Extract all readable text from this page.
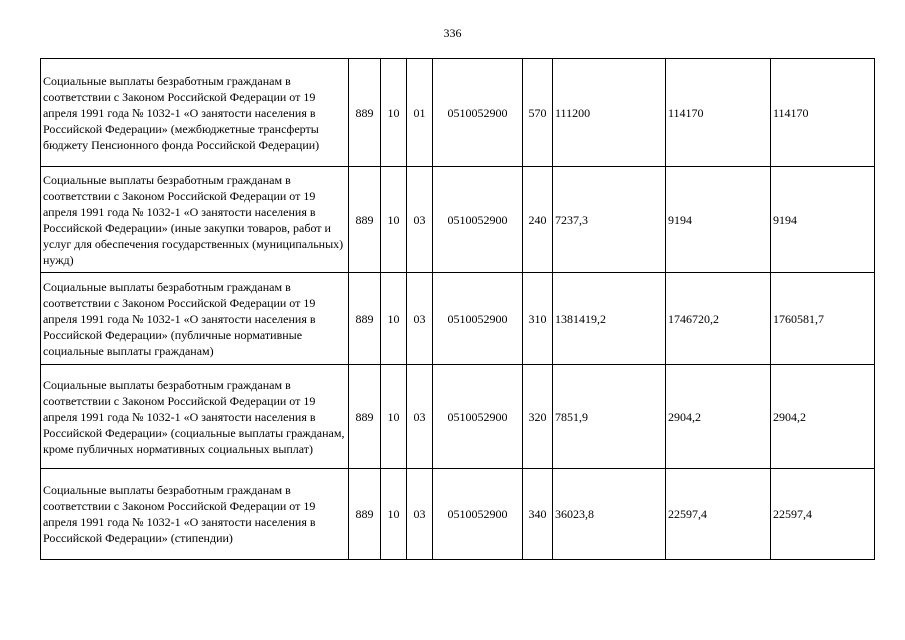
336
Социальные выплаты безработным гражданам в соответствии с Законом Российской Федерации от 19 апреля 1991 года № 1032-1 «О занятости населения в Российской Федерации» (межбюджетные трансферты бюджету Пенсионного фонда Российской Федерации)	889	10	01	0510052900	570	111200	114170	114170
Социальные выплаты безработным гражданам в соответствии с Законом Российской Федерации от 19 апреля 1991 года № 1032-1 «О занятости населения в Российской Федерации» (иные закупки товаров, работ и услуг для обеспечения государственных (муниципальных) нужд)	889	10	03	0510052900	240	7237,3	9194	9194
Социальные выплаты безработным гражданам в соответствии с Законом Российской Федерации от 19 апреля 1991 года № 1032-1 «О занятости населения в Российской Федерации» (публичные нормативные социальные выплаты гражданам)	889	10	03	0510052900	310	1381419,2	1746720,2	1760581,7
Социальные выплаты безработным гражданам в соответствии с Законом Российской Федерации от 19 апреля 1991 года № 1032-1 «О занятости населения в Российской Федерации» (социальные выплаты гражданам, кроме публичных нормативных социальных выплат)	889	10	03	0510052900	320	7851,9	2904,2	2904,2
Социальные выплаты безработным гражданам в соответствии с Законом Российской Федерации от 19 апреля 1991 года № 1032-1 «О занятости населения в Российской Федерации» (стипендии)	889	10	03	0510052900	340	36023,8	22597,4	22597,4
